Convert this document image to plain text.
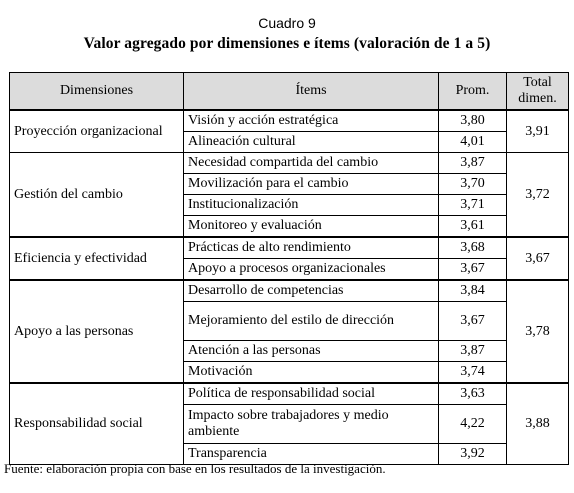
Cuadro 9
Valor agregado por dimensiones e ítems (valoración de 1 a 5)
Dimensiones	Ítems	Prom.	Total dimen.
Proyección organizacional	Visión y acción estratégica	3,80	3,91
	Alineación cultural	4,01	
Gestión del cambio	Necesidad compartida del cambio	3,87	3,72
	Movilización para el cambio	3,70	
	Institucionalización	3,71	
	Monitoreo y evaluación	3,61	
Eficiencia y efectividad	Prácticas de alto rendimiento	3,68	3,67
	Apoyo a procesos organizacionales	3,67	
Apoyo a las personas	Desarrollo de competencias	3,84	3,78
	Mejoramiento del estilo de dirección	3,67	
	Atención a las personas	3,87	
	Motivación	3,74	
Responsabilidad social	Política de responsabilidad social	3,63	3,88
	Impacto sobre trabajadores y medio ambiente	4,22	
	Transparencia	3,92	
Fuente: elaboración propia con base en los resultados de la investigación.
